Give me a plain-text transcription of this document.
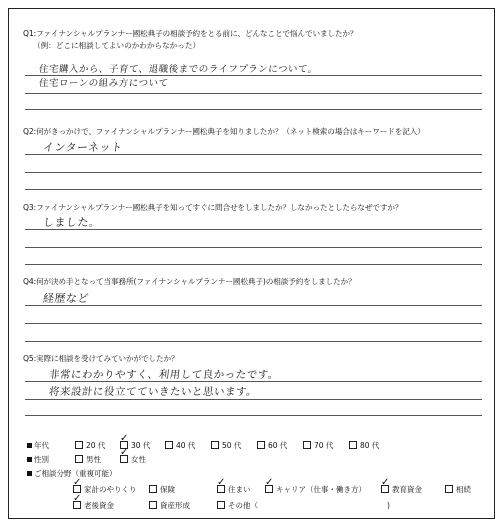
Q1:ファイナンシャルプランナー國松典子の相談予約をとる前に、どんなことで悩んでいましたか？
（例：どこに相談してよいのかわからなかった）
住宅購入から、子育て、退職後までのライフプランについて。
住宅ローンの組み方について
Q2:何がきっかけで、ファイナンシャルプランナー國松典子を知りましたか？（ネット検索の場合はキーワードを記入）
インターネット
Q3:ファイナンシャルプランナー國松典子を知ってすぐに問合せをしましたか？しなかったとしたらなぜですか？
しました。
Q4:何が決め手となって当事務所(ファイナンシャルプランナー國松典子)の相談予約をしましたか？
経歴など
Q5:実際に相談を受けてみていかがでしたか？
非常にわかりやすく、利用して良かったです。
将来設計に役立てていきたいと思います。
年代	20 代 ✓	30 代	40 代	50 代	60 代	70 代	80 代
性別	男性 ✓	女性
ご相談分野（重複可能）
✓家計のやりくり	保険 ✓	住まい ✓	キャリア（仕事・働き方） ✓	教育資金	相続
✓老後資金	資産形成	その他（	)
